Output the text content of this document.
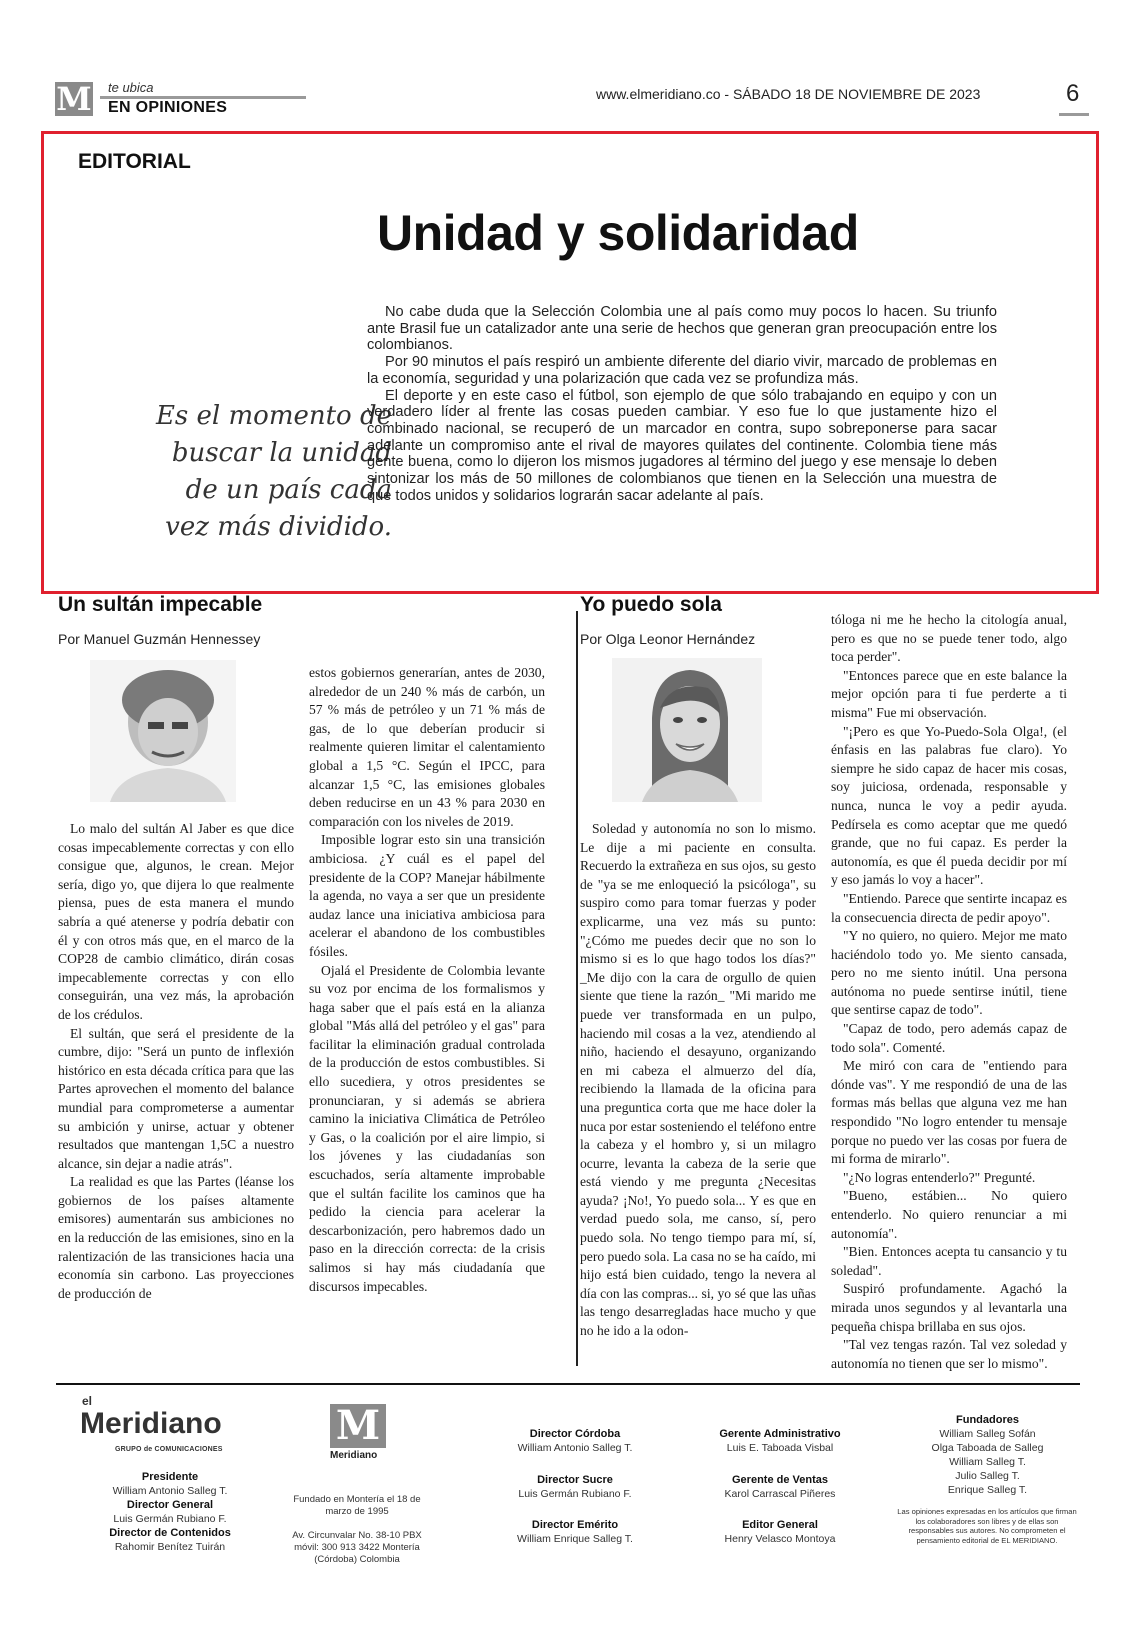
M te ubica
EN OPINIONES
www.elmeridiano.co - SÁBADO 18 DE NOVIEMBRE DE 2023	6
EDITORIAL
Unidad y solidaridad
Es el momento de buscar la unidad de un país cada vez más dividido.

No cabe duda que la Selección Colombia une al país como muy pocos lo hacen. Su triunfo ante Brasil fue un catalizador ante una serie de hechos que generan gran preocupación entre los colombianos.

Por 90 minutos el país respiró un ambiente diferente del diario vivir, marcado de problemas en la economía, seguridad y una polarización que cada vez se profundiza más.

El deporte y en este caso el fútbol, son ejemplo de que sólo trabajando en equipo y con un verdadero líder al frente las cosas pueden cambiar. Y eso fue lo que justamente hizo el combinado nacional, se recuperó de un marcador en contra, supo sobreponerse para sacar adelante un compromiso ante el rival de mayores quilates del continente. Colombia tiene más gente buena, como lo dijeron los mismos jugadores al término del juego y ese mensaje lo deben sintonizar los más de 50 millones de colombianos que tienen en la Selección una muestra de que todos unidos y solidarios lograrán sacar adelante al país.

Un sultán impecable
Por Manuel Guzmán Hennessey

Lo malo del sultán Al Jaber es que dice cosas impecablemente correctas y con ello consigue que, algunos, le crean. Mejor sería, digo yo, que dijera lo que realmente piensa, pues de esta manera el mundo sabría a qué atenerse y podría debatir con él y con otros más que, en el marco de la COP28 de cambio climático, dirán cosas impecablemente correctas y con ello conseguirán, una vez más, la aprobación de los crédulos.

El sultán, que será el presidente de la cumbre, dijo: "Será un punto de inflexión histórico en esta década crítica para que las Partes aprovechen el momento del balance mundial para comprometerse a aumentar su ambición y unirse, actuar y obtener resultados que mantengan 1,5C a nuestro alcance, sin dejar a nadie atrás".

La realidad es que las Partes (léanse los gobiernos de los países altamente emisores) aumentarán sus ambiciones no en la reducción de las emisiones, sino en la ralentización de las transiciones hacia una economía sin carbono. Las proyecciones de producción de

estos gobiernos generarían, antes de 2030, alrededor de un 240 % más de carbón, un 57 % más de petróleo y un 71 % más de gas, de lo que deberían producir si realmente quieren limitar el calentamiento global a 1,5 °C. Según el IPCC, para alcanzar 1,5 °C, las emisiones globales deben reducirse en un 43 % para 2030 en comparación con los niveles de 2019.

Imposible lograr esto sin una transición ambiciosa. ¿Y cuál es el papel del presidente de la COP? Manejar hábilmente la agenda, no vaya a ser que un presidente audaz lance una iniciativa ambiciosa para acelerar el abandono de los combustibles fósiles.

Ojalá el Presidente de Colombia levante su voz por encima de los formalismos y haga saber que el país está en la alianza global "Más allá del petróleo y el gas" para facilitar la eliminación gradual controlada de la producción de estos combustibles. Si ello sucediera, y otros presidentes se pronunciaran, y si además se abriera camino la iniciativa Climática de Petróleo y Gas, o la coalición por el aire limpio, si los jóvenes y las ciudadanías son escuchados, sería altamente improbable que el sultán facilite los caminos que ha pedido la ciencia para acelerar la descarbonización, pero habremos dado un paso en la dirección correcta: de la crisis salimos si hay más ciudadanía que discursos impecables.

Yo puedo sola
Por Olga Leonor Hernández

Soledad y autonomía no son lo mismo. Le dije a mi paciente en consulta. Recuerdo la extrañeza en sus ojos, su gesto de "ya se me enloqueció la psicóloga", su suspiro como para tomar fuerzas y poder explicarme, una vez más su punto: "¿Cómo me puedes decir que no son lo mismo si es lo que hago todos los días?" _Me dijo con la cara de orgullo de quien siente que tiene la razón_ "Mi marido me puede ver transformada en un pulpo, haciendo mil cosas a la vez, atendiendo al niño, haciendo el desayuno, organizando en mi cabeza el almuerzo del día, recibiendo la llamada de la oficina para una preguntica corta que me hace doler la nuca por estar sosteniendo el teléfono entre la cabeza y el hombro y, si un milagro ocurre, levanta la cabeza de la serie que está viendo y me pregunta ¿Necesitas ayuda? ¡No!, Yo puedo sola... Y es que en verdad puedo sola, me canso, sí, pero puedo sola. No tengo tiempo para mí, sí, pero puedo sola. La casa no se ha caído, mi hijo está bien cuidado, tengo la nevera al día con las compras... si, yo sé que las uñas las tengo desarregladas hace mucho y que no he ido a la odon-

tóloga ni me he hecho la citología anual, pero es que no se puede tener todo, algo toca perder".

"Entonces parece que en este balance la mejor opción para ti fue perderte a ti misma" Fue mi observación.

"¡Pero es que Yo-Puedo-Sola Olga!, (el énfasis en las palabras fue claro). Yo siempre he sido capaz de hacer mis cosas, soy juiciosa, ordenada, responsable y nunca, nunca le voy a pedir ayuda. Pedírsela es como aceptar que me quedó grande, que no fui capaz. Es perder la autonomía, es que él pueda decidir por mí y eso jamás lo voy a hacer".

"Entiendo. Parece que sentirte incapaz es la consecuencia directa de pedir apoyo".

"Y no quiero, no quiero. Mejor me mato haciéndolo todo yo. Me siento cansada, pero no me siento inútil. Una persona autónoma no puede sentirse inútil, tiene que sentirse capaz de todo".

"Capaz de todo, pero además capaz de todo sola". Comenté.

Me miró con cara de "entiendo para dónde vas". Y me respondió de una de las formas más bellas que alguna vez me han respondido "No logro entender tu mensaje porque no puedo ver las cosas por fuera de mi forma de mirarlo".

"¿No logras entenderlo?" Pregunté.

"Bueno, estábien... No quiero entenderlo. No quiero renunciar a mi autonomía".

"Bien. Entonces acepta tu cansancio y tu soledad".

Suspiró profundamente. Agachó la mirada unos segundos y al levantarla una pequeña chispa brillaba en sus ojos.

"Tal vez tengas razón. Tal vez soledad y autonomía no tienen que ser lo mismo".

el
Meridiano
GRUPO de COMUNICACIONES
Presidente
William Antonio Salleg T.
Director General
Luis Germán Rubiano F.
Director de Contenidos
Rahomir Benítez Tuirán
M
Meridiano
Fundado en Montería el 18 de marzo de 1995
Av. Circunvalar No. 38-10 PBX móvil: 300 913 3422 Montería (Córdoba) Colombia
Director Córdoba
William Antonio Salleg T.
Director Sucre
Luis Germán Rubiano F.
Director Emérito
William Enrique Salleg T.
Gerente Administrativo
Luis E. Taboada Visbal
Gerente de Ventas
Karol Carrascal Piñeres
Editor General
Henry Velasco Montoya
Fundadores
William Salleg Sofán
Olga Taboada de Salleg
William Salleg T.
Julio Salleg T.
Enrique Salleg T.
Las opiniones expresadas en los artículos que firman los colaboradores son libres y de ellas son responsables sus autores. No comprometen el pensamiento editorial de EL MERIDIANO.
